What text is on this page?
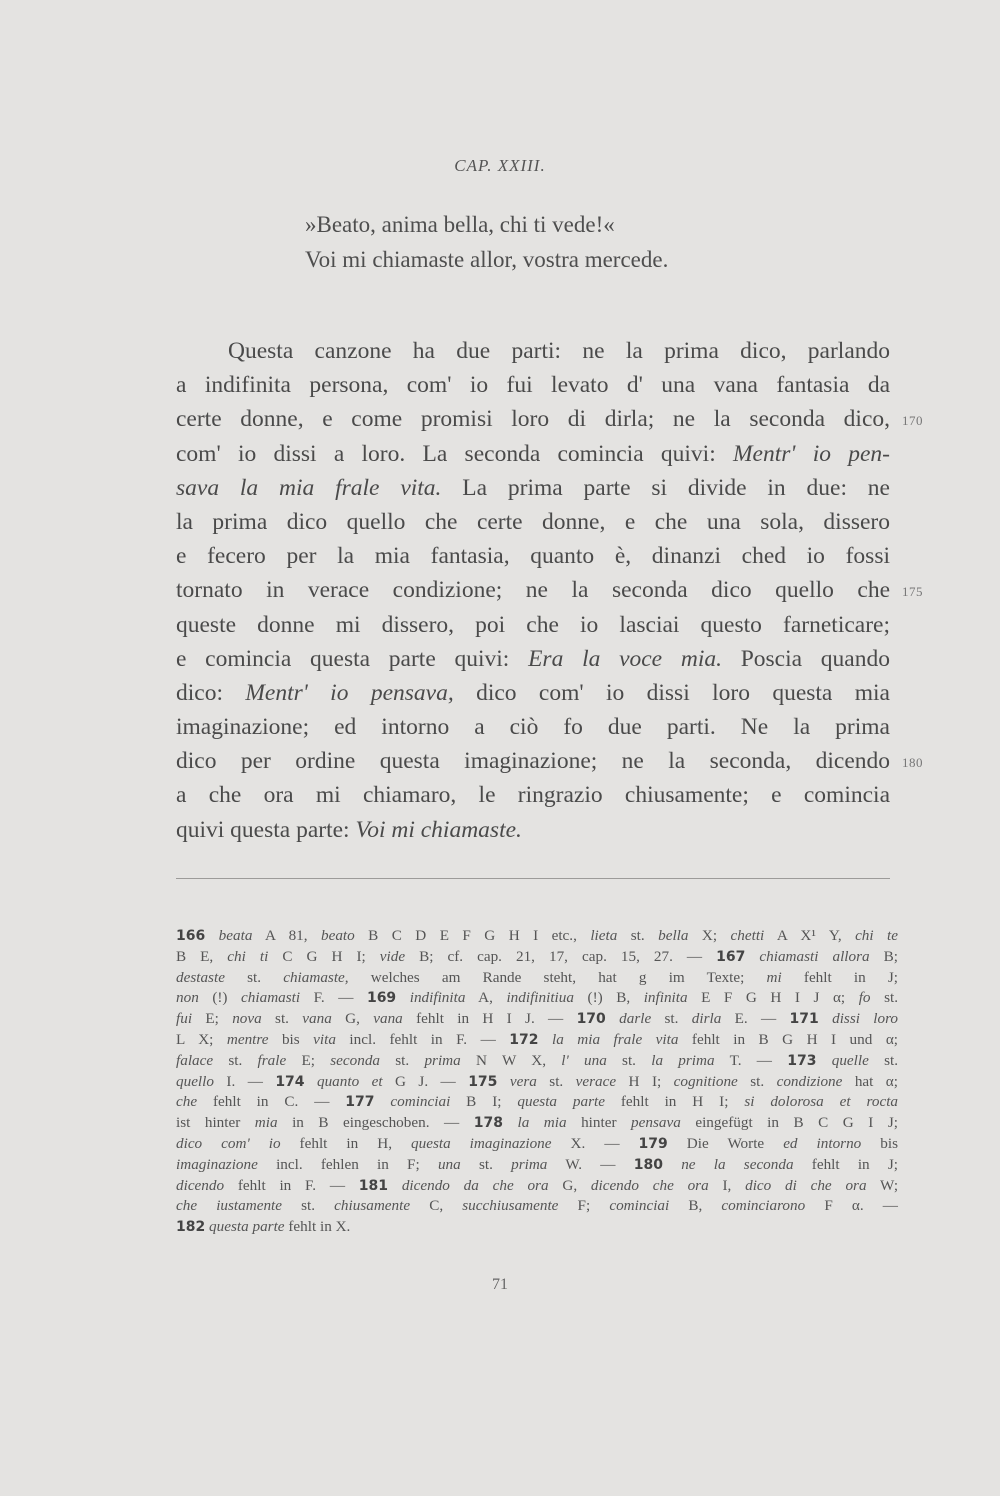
CAP. XXIII.
»Beato, anima bella, chi ti vede!«
Voi mi chiamaste allor, vostra mercede.
Questa canzone ha due parti: ne la prima dico, parlando
a indifinita persona, com' io fui levato d' una vana fantasia da
certe donne, e come promisi loro di dirla; ne la seconda dico,
com' io dissi a loro. La seconda comincia quivi: Mentr' io pen-
sava la mia frale vita. La prima parte si divide in due: ne
la prima dico quello che certe donne, e che una sola, dissero
e fecero per la mia fantasia, quanto è, dinanzi ched io fossi
tornato in verace condizione; ne la seconda dico quello che
queste donne mi dissero, poi che io lasciai questo farneticare;
e comincia questa parte quivi: Era la voce mia. Poscia quando
dico: Mentr' io pensava, dico com' io dissi loro questa mia
imaginazione; ed intorno a ciò fo due parti. Ne la prima
dico per ordine questa imaginazione; ne la seconda, dicendo
a che ora mi chiamaro, le ringrazio chiusamente; e comincia
quivi questa parte: Voi mi chiamaste.
170
175
180
166 beata A 81, beato B C D E F G H I etc., lieta st. bella X; chetti A X¹ Y, chi te
B E, chi ti C G H I; vide B; cf. cap. 21, 17, cap. 15, 27. — 167 chiamasti allora B;
destaste st. chiamaste, welches am Rande steht, hat g im Texte; mi fehlt in J;
non (!) chiamasti F. — 169 indifinita A, indifinitiua (!) B, infinita E F G H I J α; fo st.
fui E; nova st. vana G, vana fehlt in H I J. — 170 darle st. dirla E. — 171 dissi loro
L X; mentre bis vita incl. fehlt in F. — 172 la mia frale vita fehlt in B G H I und α;
falace st. frale E; seconda st. prima N W X, l' una st. la prima T. — 173 quelle st.
quello I. — 174 quanto et G J. — 175 vera st. verace H I; cognitione st. condizione hat α;
che fehlt in C. — 177 cominciai B I; questa parte fehlt in H I; si dolorosa et rocta
ist hinter mia in B eingeschoben. — 178 la mia hinter pensava eingefügt in B C G I J;
dico com' io fehlt in H, questa imaginazione X. — 179 Die Worte ed intorno bis
imaginazione incl. fehlen in F; una st. prima W. — 180 ne la seconda fehlt in J;
dicendo fehlt in F. — 181 dicendo da che ora G, dicendo che ora I, dico di che ora W;
che iustamente st. chiusamente C, succhiusamente F; cominciai B, cominciarono F α. —
182 questa parte fehlt in X.
71
